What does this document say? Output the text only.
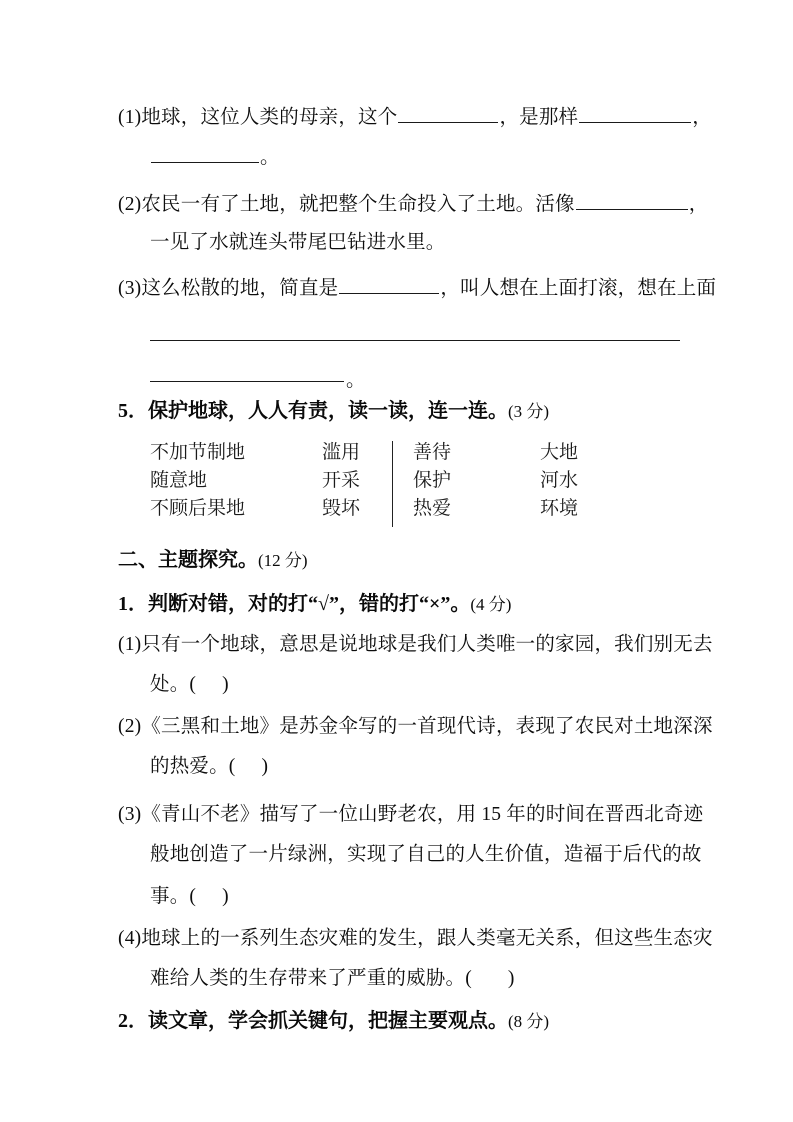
(1)地球，这位人类的母亲，这个	，是那样	，
。
(2)农民一有了土地，就把整个生命投入了土地。活像	，
一见了水就连头带尾巴钻进水里。
(3)这么松散的地，简直是	，叫人想在上面打滚，想在上面
。
5．保护地球，人人有责，读一读，连一连。(3 分)
不加节制地	滥用	善待	大地
随意地	开采	保护	河水
不顾后果地	毁坏	热爱	环境
二、主题探究。(12 分)
1．判断对错，对的打“√”，错的打“×”。(4 分)
(1)只有一个地球，意思是说地球是我们人类唯一的家园，我们别无去
处。( )
(2)《三黑和土地》是苏金伞写的一首现代诗，表现了农民对土地深深
的热爱。( )
(3)《青山不老》描写了一位山野老农，用 15 年的时间在晋西北奇迹
般地创造了一片绿洲，实现了自己的人生价值，造福于后代的故
事。( )
(4)地球上的一系列生态灾难的发生，跟人类毫无关系，但这些生态灾
难给人类的生存带来了严重的威胁。( )
2．读文章，学会抓关键句，把握主要观点。(8 分)
